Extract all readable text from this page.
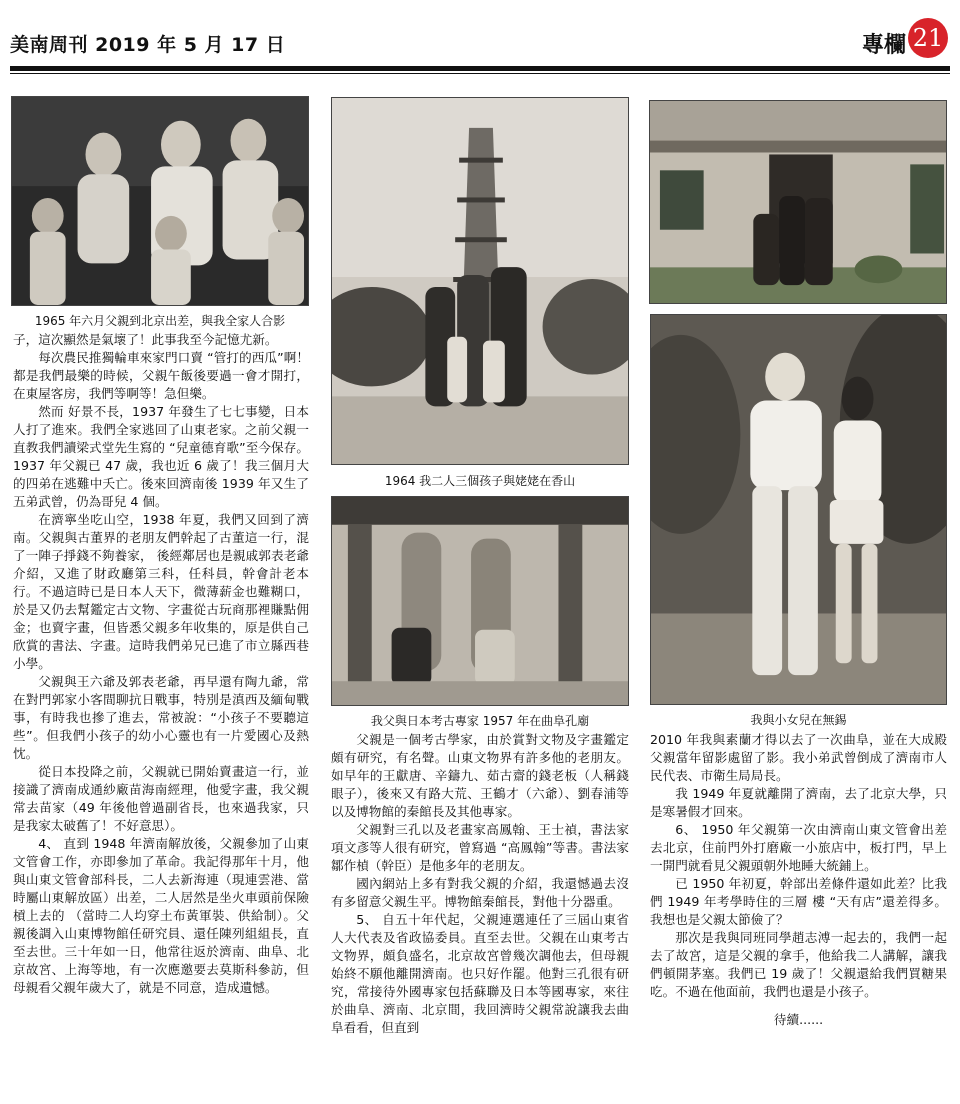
美南周刊 2019 年 5 月 17 日	專欄 21
1965 年六月父親到北京出差，與我全家人合影
1964 我二人三個孩子與姥姥在香山
我父與日本考古專家 1957 年在曲阜孔廟	我與小女兒在無錫

子，這次顯然是氣壞了！此事我至今記憶尤新。

每次農民推獨輪車來家門口賣 “管打的西瓜”啊！都是我們最樂的時候，父親午飯後要過一會才開打，在東屋客房，我們等啊等！急但樂。

然而 好景不長，1937 年發生了七七事變，日本人打了進來。我們全家逃回了山東老家。之前父親一直教我們讀梁式堂先生寫的 “兒童德育歌”至今保存。1937 年父親已 47 歲，我也近 6 歲了！我三個月大的四弟在逃難中夭亡。後來回濟南後 1939 年又生了五弟武曾，仍為哥兒 4 個。

在濟寧坐吃山空，1938 年夏，我們又回到了濟南。父親與古董界的老朋友們幹起了古董這一行，混了一陣子掙錢不夠養家， 後經鄰居也是親戚郭表老爺介紹，又進了財政廳第三科，任科員，幹會計老本行。不過這時已是日本人天下，微薄薪金也難糊口，於是又仍去幫鑑定古文物、字畫從古玩商那裡賺點佣金；也賣字畫，但皆悉父親多年收集的，原是供自己欣賞的書法、字畫。這時我們弟兄已進了市立縣西巷小學。

父親與王六爺及郭表老爺，再早還有陶九爺，常在對門郭家小客間聊抗日戰事，特別是滇西及緬甸戰事，有時我也摻了進去，常被說：“小孩子不要聽這些”。但我們小孩子的幼小心靈也有一片愛國心及熱忱。

從日本投降之前，父親就已開始賣畫這一行，並接識了濟南成通紗廠苗海南經理，他愛字畫，我父親常去苗家（49 年後他曾過副省長，也來過我家，只是我家太破舊了！不好意思）。

4、 直到 1948 年濟南解放後，父親參加了山東文管會工作，亦即參加了革命。我記得那年十月，他與山東文管會部科長，二人去新海連（現連雲港、當時屬山東解放區）出差，二人居然是坐火車頭前保險槓上去的 （當時二人均穿土布黃軍裝、供給制）。父親後調入山東博物館任研究員、還任陳列組組長，直至去世。三十年如一日，他常往返於濟南、曲阜、北京故宮、上海等地，有一次應邀要去莫斯科參訪，但母親看父親年歲大了，就是不同意，造成遺憾。

父親是一個考古學家，由於賞對文物及字畫鑑定頗有研究，有名聲。山東文物界有許多他的老朋友。如早年的王獻唐、辛鑄九、茹古齋的錢老板（人稱錢眼子），後來又有路大荒、王鶴才（六爺）、劉春浦等以及博物館的秦館長及其他專家。

父親對三孔以及老畫家高鳳翰、王士禎，書法家項文彥等人很有研究，曾寫過 “高鳳翰”等書。書法家鄒作楨（幹臣）是他多年的老朋友。

國內網站上多有對我父親的介紹，我還憾過去沒有多留意父親生平。博物館秦館長，對他十分器重。

5、 自五十年代起，父親連選連任了三屆山東省人大代表及省政協委員。直至去世。父親在山東考古文物界，頗負盛名，北京故宮曾幾次調他去，但母親始終不願他離開濟南。也只好作罷。他對三孔很有研究，常接待外國專家包括蘇聯及日本等國專家，來往於曲阜、濟南、北京間，我回濟時父親常說讓我去曲阜看看，但直到

2010 年我與素蘭才得以去了一次曲阜，並在大成殿父親當年留影處留了影。我小弟武曾倒成了濟南市人民代表、市衛生局局長。

我 1949 年夏就離開了濟南，去了北京大學，只是寒暑假才回來。

6、 1950 年父親第一次由濟南山東文管會出差去北京，住前門外打磨廠一小旅店中，板打門，早上一開門就看見父親頭朝外地睡大統鋪上。

已 1950 年初夏，幹部出差條件還如此差？比我們 1949 年考學時住的三層 樓 “天有店”還差得多。我想也是父親太節儉了？

那次是我與同班同學趙志溥一起去的，我們一起去了故宮，這是父親的拿手，他給我二人講解，讓我們頓開茅塞。我們已 19 歲了！父親還給我們買糖果吃。不過在他面前，我們也還是小孩子。

待續......
